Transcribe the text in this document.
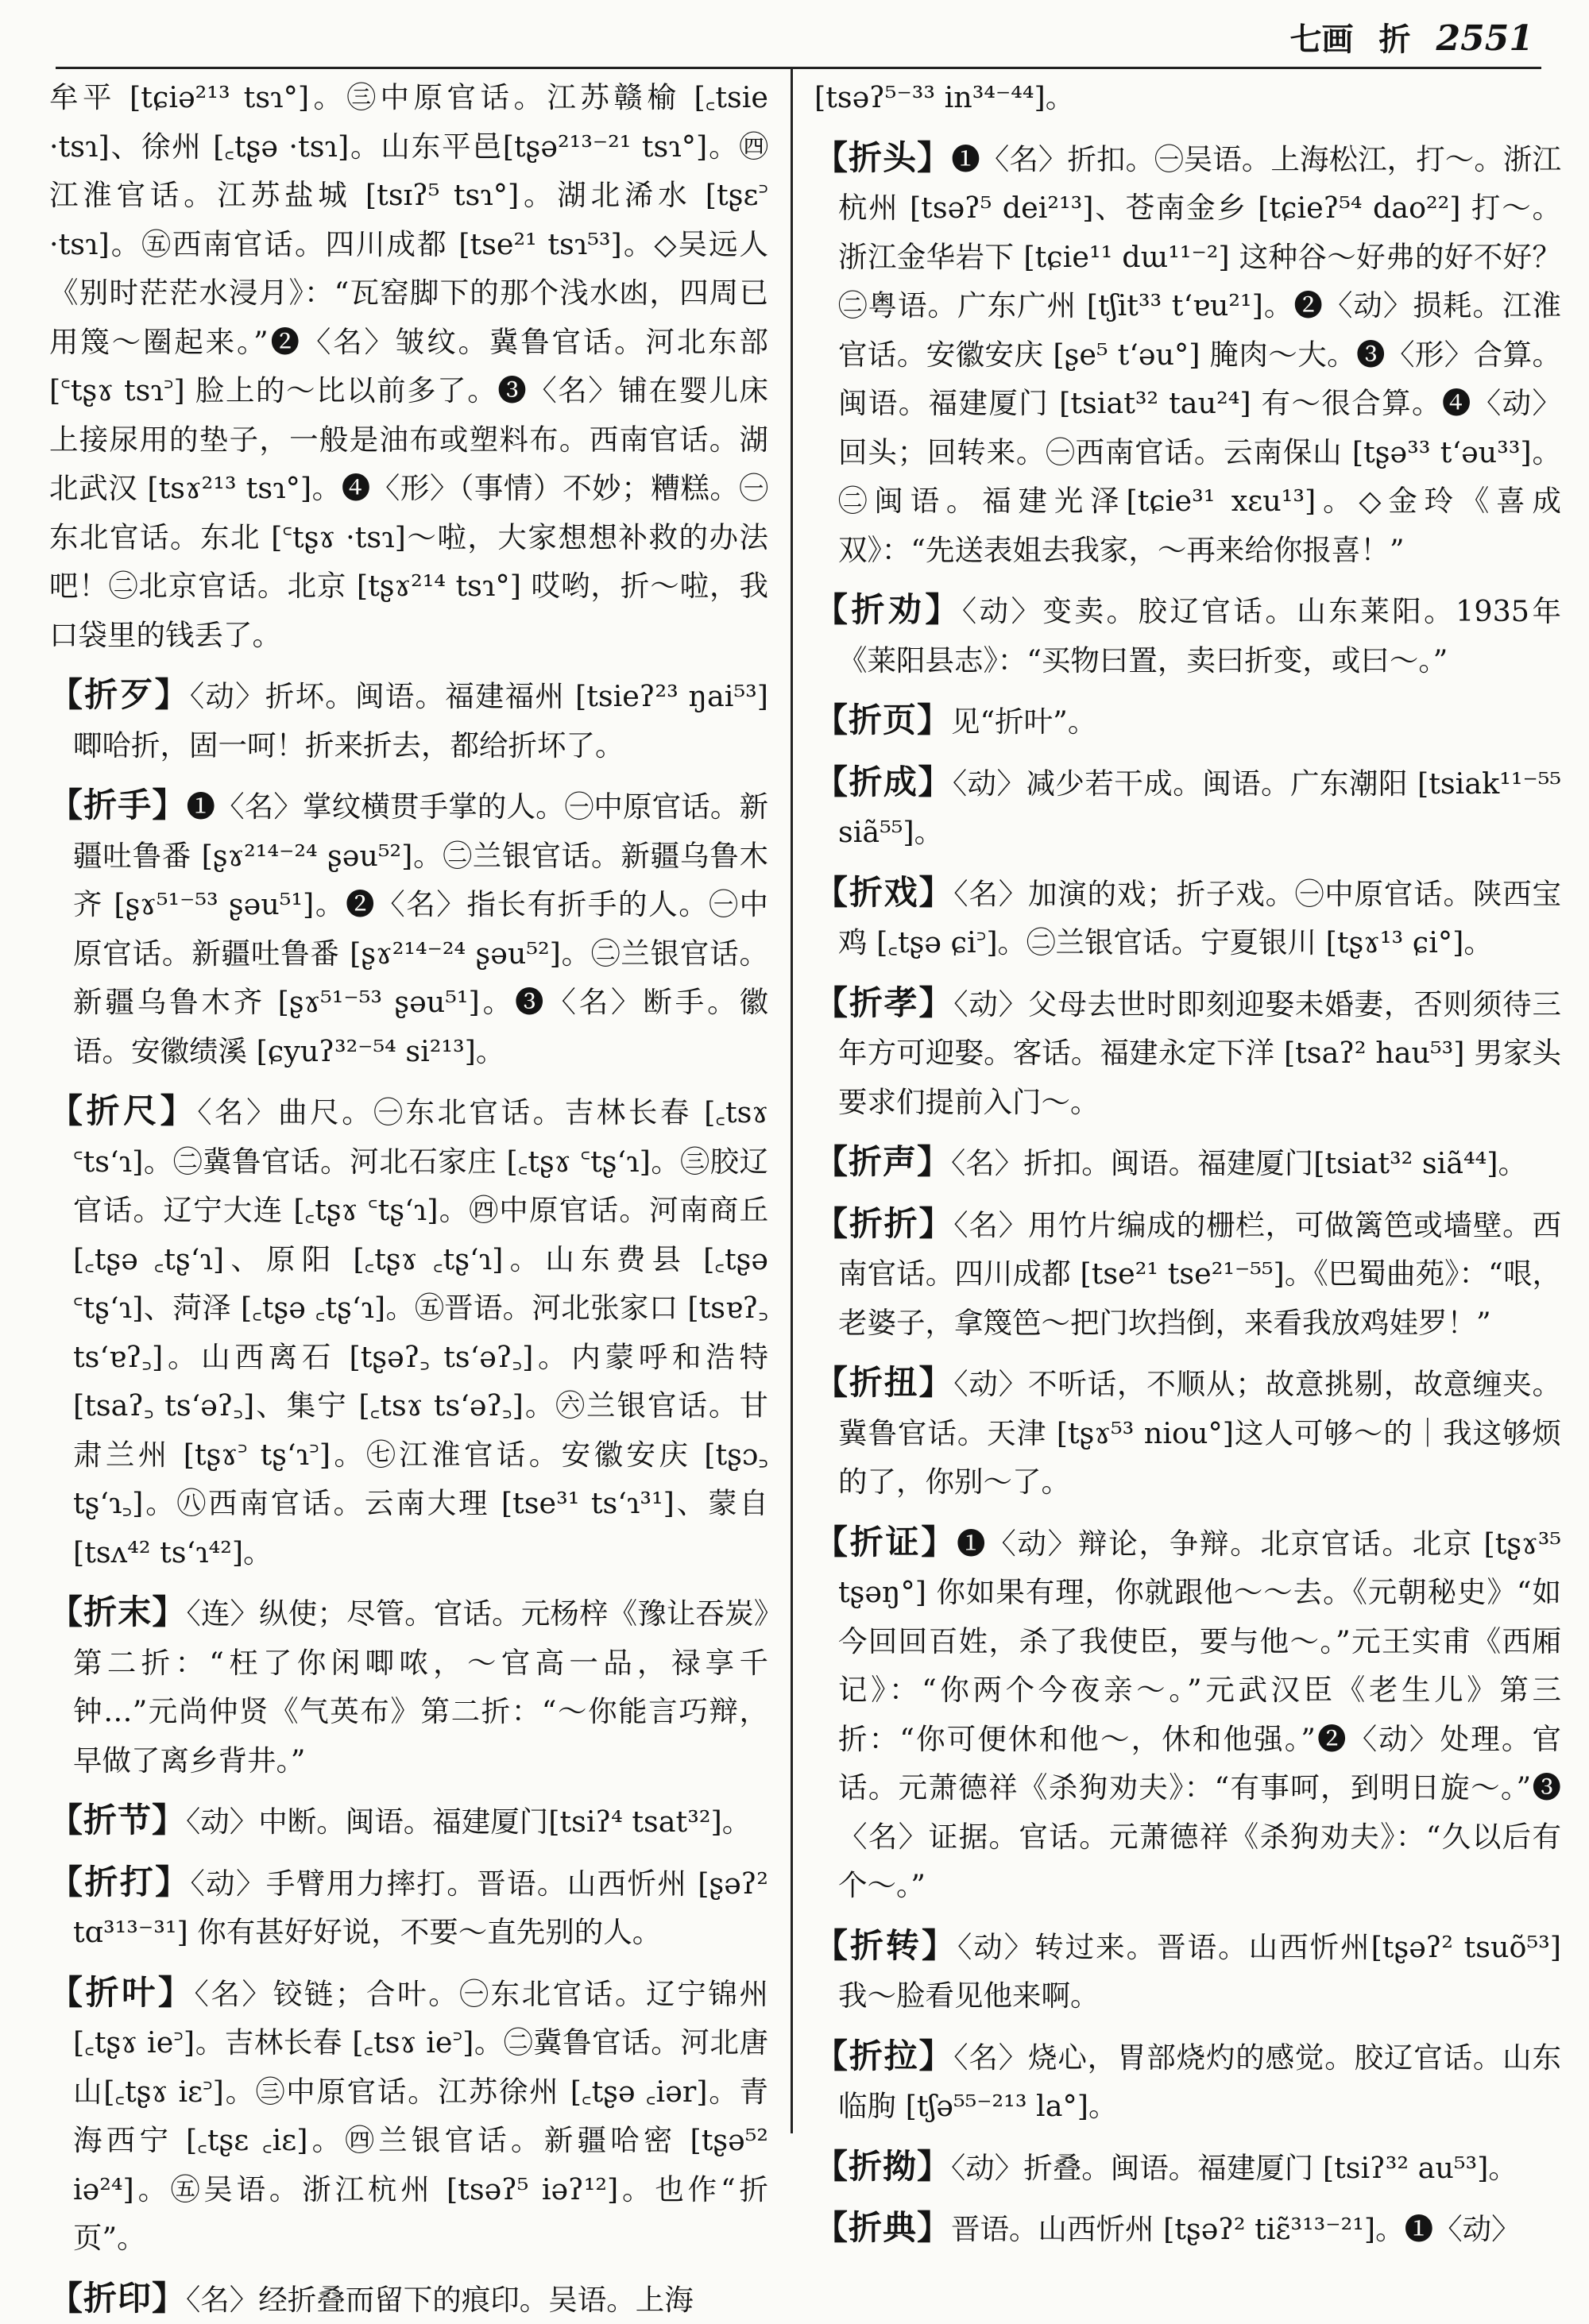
七画 折 2551

牟平 [tɕiə²¹³ tsɿ°]。㊂中原官话。江苏赣榆 [꜀tsie ·tsɿ]、徐州 [꜀tʂə ·tsɿ]。山东平邑[tʂə²¹³⁻²¹ tsɿ°]。㊃江淮官话。江苏盐城 [tsɪʔ⁵ tsɿ°]。湖北浠水 [tʂɛ꜄ ·tsɿ]。㊄西南官话。四川成都 [tse²¹ tsɿ⁵³]。◇吴远人《别时茫茫水浸月》：“瓦窑脚下的那个浅水凼，四周已用篾～圈起来。”❷〈名〉皱纹。冀鲁官话。河北东部 [꜂tʂɤ tsɿ꜄] 脸上的～比以前多了。❸〈名〉铺在婴儿床上接尿用的垫子，一般是油布或塑料布。西南官话。湖北武汉 [tsɤ²¹³ tsɿ°]。❹〈形〉（事情）不妙；糟糕。㊀东北官话。东北 [꜂tʂɤ ·tsɿ]～啦，大家想想补救的办法吧！㊁北京官话。北京 [tʂɤ²¹⁴ tsɿ°] 哎哟，折～啦，我口袋里的钱丢了。

【折歹】〈动〉折坏。闽语。福建福州 [tsieʔ²³ ŋai⁵³] 唧哈折，固一呵！折来折去，都给折坏了。

【折手】❶〈名〉掌纹横贯手掌的人。㊀中原官话。新疆吐鲁番 [ʂɤ²¹⁴⁻²⁴ ʂəu⁵²]。㊁兰银官话。新疆乌鲁木齐 [ʂɤ⁵¹⁻⁵³ ʂəu⁵¹]。❷〈名〉指长有折手的人。㊀中原官话。新疆吐鲁番 [ʂɤ²¹⁴⁻²⁴ ʂəu⁵²]。㊁兰银官话。新疆乌鲁木齐 [ʂɤ⁵¹⁻⁵³ ʂəu⁵¹]。❸〈名〉断手。徽语。安徽绩溪 [ɕyuʔ³²⁻⁵⁴ si²¹³]。

【折尺】〈名〉曲尺。㊀东北官话。吉林长春 [꜀tsɤ ꜂tsʻɿ]。㊁冀鲁官话。河北石家庄 [꜀tʂɤ ꜂tʂʻɿ]。㊂胶辽官话。辽宁大连 [꜀tʂɤ ꜂tʂʻɿ]。㊃中原官话。河南商丘 [꜀tʂə ꜀tʂʻɿ]、原阳 [꜀tʂɤ ꜀tʂʻɿ]。山东费县 [꜀tʂə ꜂tʂʻɿ]、菏泽 [꜀tʂə ꜀tʂʻɿ]。㊄晋语。河北张家口 [tsɐʔ꜆ tsʻɐʔ꜆]。山西离石 [tʂəʔ꜆ tsʻəʔ꜆]。内蒙呼和浩特[tsaʔ꜆ tsʻəʔ꜆]、集宁 [꜀tsɤ tsʻəʔ꜆]。㊅兰银官话。甘肃兰州 [tʂɤ꜄ tʂʻɿ꜄]。㊆江淮官话。安徽安庆 [tʂɔ꜆ tʂʻɿ꜆]。㊇西南官话。云南大理 [tse³¹ tsʻɿ³¹]、蒙自 [tsʌ⁴² tsʻɿ⁴²]。

【折末】〈连〉纵使；尽管。官话。元杨梓《豫让吞炭》第二折：“枉了你闲唧哝，～官高一品，禄享千钟…”元尚仲贤《气英布》第二折：“～你能言巧辩，早做了离乡背井。”

【折节】〈动〉中断。闽语。福建厦门[tsiʔ⁴ tsat³²]。

【折打】〈动〉手臂用力摔打。晋语。山西忻州 [ʂəʔ² tɑ³¹³⁻³¹] 你有甚好好说，不要～直先别的人。

【折叶】〈名〉铰链；合叶。㊀东北官话。辽宁锦州[꜀tʂɤ ie꜄]。吉林长春 [꜀tsɤ ie꜄]。㊁冀鲁官话。河北唐山[꜀tʂɤ iɛ꜄]。㊂中原官话。江苏徐州 [꜀tʂə ꜀iər]。青海西宁 [꜀tʂɛ ꜀iɛ]。㊃兰银官话。新疆哈密 [tʂə⁵² iə²⁴]。㊄吴语。浙江杭州 [tsəʔ⁵ iəʔ¹²]。也作“折页”。

【折印】〈名〉经折叠而留下的痕印。吴语。上海

[tsəʔ⁵⁻³³ in³⁴⁻⁴⁴]。

【折头】❶〈名〉折扣。㊀吴语。上海松江，打～。浙江杭州 [tsəʔ⁵ dei²¹³]、苍南金乡 [tɕieʔ⁵⁴ dao²²] 打～。浙江金华岩下 [tɕie¹¹ dɯ¹¹⁻²] 这种谷～好弗的好不好？㊁粤语。广东广州 [tʃit³³ tʻɐu²¹]。❷〈动〉损耗。江淮官话。安徽安庆 [ʂe⁵ tʻəu°] 腌肉～大。❸〈形〉合算。闽语。福建厦门 [tsiat³² tau²⁴] 有～很合算。❹〈动〉回头；回转来。㊀西南官话。云南保山 [tʂə³³ tʻəu³³]。㊁闽语。福建光泽[tɕie³¹ xɛu¹³]。◇金玲《喜成双》：“先送表姐去我家，～再来给你报喜！”

【折劝】〈动〉变卖。胶辽官话。山东莱阳。1935年《莱阳县志》：“买物曰置，卖曰折变，或曰～。”

【折页】见“折叶”。

【折成】〈动〉减少若干成。闽语。广东潮阳 [tsiak¹¹⁻⁵⁵ siã⁵⁵]。

【折戏】〈名〉加演的戏；折子戏。㊀中原官话。陕西宝鸡 [꜀tʂə ɕi꜄]。㊁兰银官话。宁夏银川 [tʂɤ¹³ ɕi°]。

【折孝】〈动〉父母去世时即刻迎娶未婚妻，否则须待三年方可迎娶。客话。福建永定下洋 [tsaʔ² hau⁵³] 男家头要求们提前入门～。

【折声】〈名〉折扣。闽语。福建厦门[tsiat³² siã⁴⁴]。

【折折】〈名〉用竹片编成的栅栏，可做篱笆或墙壁。西南官话。四川成都 [tse²¹ tse²¹⁻⁵⁵]。《巴蜀曲苑》：“哏，老婆子，拿篾笆～把门坎挡倒，来看我放鸡娃罗！”

【折扭】〈动〉不听话，不顺从；故意挑剔，故意缠夹。冀鲁官话。天津 [tʂɤ⁵³ niou°]这人可够～的｜我这够烦的了，你别～了。

【折证】❶〈动〉辩论，争辩。北京官话。北京 [tʂɤ³⁵ tʂəŋ°] 你如果有理，你就跟他～～去。《元朝秘史》“如今回回百姓，杀了我使臣，要与他～。”元王实甫《西厢记》：“你两个今夜亲～。”元武汉臣《老生儿》第三折：“你可便休和他～，休和他强。”❷〈动〉处理。官话。元萧德祥《杀狗劝夫》：“有事呵，到明日旋～。”❸〈名〉证据。官话。元萧德祥《杀狗劝夫》：“久以后有个～。”

【折转】〈动〉转过来。晋语。山西忻州[tʂəʔ² tsuõ⁵³] 我～脸看见他来啊。

【折拉】〈名〉烧心，胃部烧灼的感觉。胶辽官话。山东临朐 [tʃə⁵⁵⁻²¹³ la°]。

【折拗】〈动〉折叠。闽语。福建厦门 [tsiʔ³² au⁵³]。

【折典】晋语。山西忻州 [tʂəʔ² tiɛ̃³¹³⁻²¹]。❶〈动〉
